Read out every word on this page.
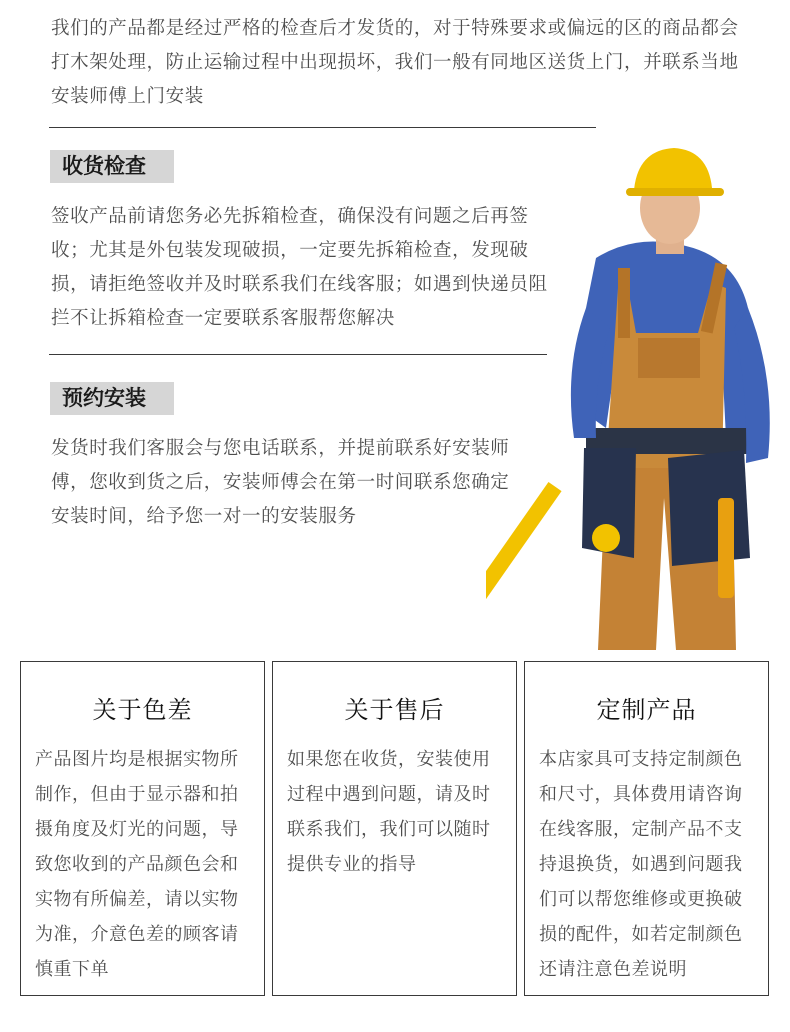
我们的产品都是经过严格的检查后才发货的，对于特殊要求或偏远的区的商品都会打木架处理，防止运输过程中出现损坏，我们一般有同地区送货上门，并联系当地安装师傅上门安装

收货检查

签收产品前请您务必先拆箱检查，确保没有问题之后再签收；尤其是外包装发现破损，一定要先拆箱检查，发现破损，请拒绝签收并及时联系我们在线客服；如遇到快递员阻拦不让拆箱检查一定要联系客服帮您解决

预约安装

发货时我们客服会与您电话联系，并提前联系好安装师傅，您收到货之后，安装师傅会在第一时间联系您确定安装时间，给予您一对一的安装服务

关于色差

产品图片均是根据实物所制作，但由于显示器和拍摄角度及灯光的问题，导致您收到的产品颜色会和实物有所偏差，请以实物为准，介意色差的顾客请慎重下单

关于售后

如果您在收货，安装使用过程中遇到问题，请及时联系我们，我们可以随时提供专业的指导

定制产品

本店家具可支持定制颜色和尺寸，具体费用请咨询在线客服，定制产品不支持退换货，如遇到问题我们可以帮您维修或更换破损的配件，如若定制颜色还请注意色差说明
